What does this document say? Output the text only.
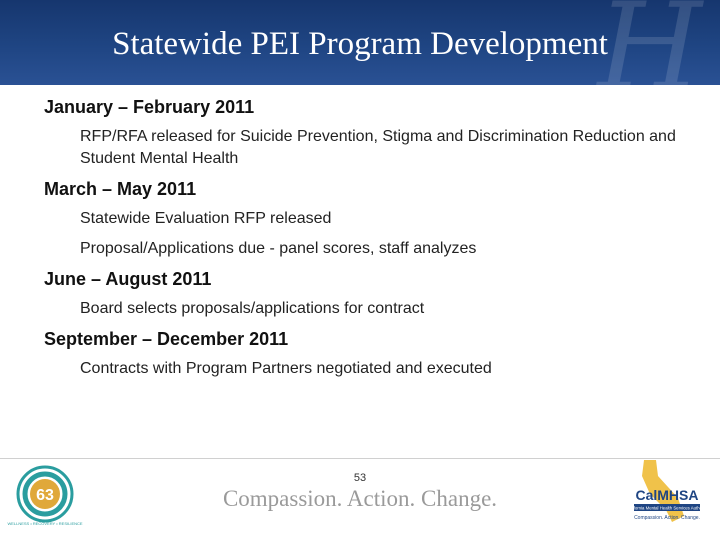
H
Statewide PEI Program Development
January – February 2011
RFP/RFA released for Suicide Prevention, Stigma and Discrimination Reduction and Student Mental Health
March – May 2011
Statewide Evaluation RFP released
Proposal/Applications due - panel scores, staff analyzes
June – August 2011
Board selects proposals/applications for contract
September – December 2011
Contracts with Program Partners negotiated and executed
63
WELLNESS • RECOVERY • RESILIENCE
53
Compassion. Action. Change.	CalMHSA
California Mental Health Services Authority
Compassion. Action. Change.
